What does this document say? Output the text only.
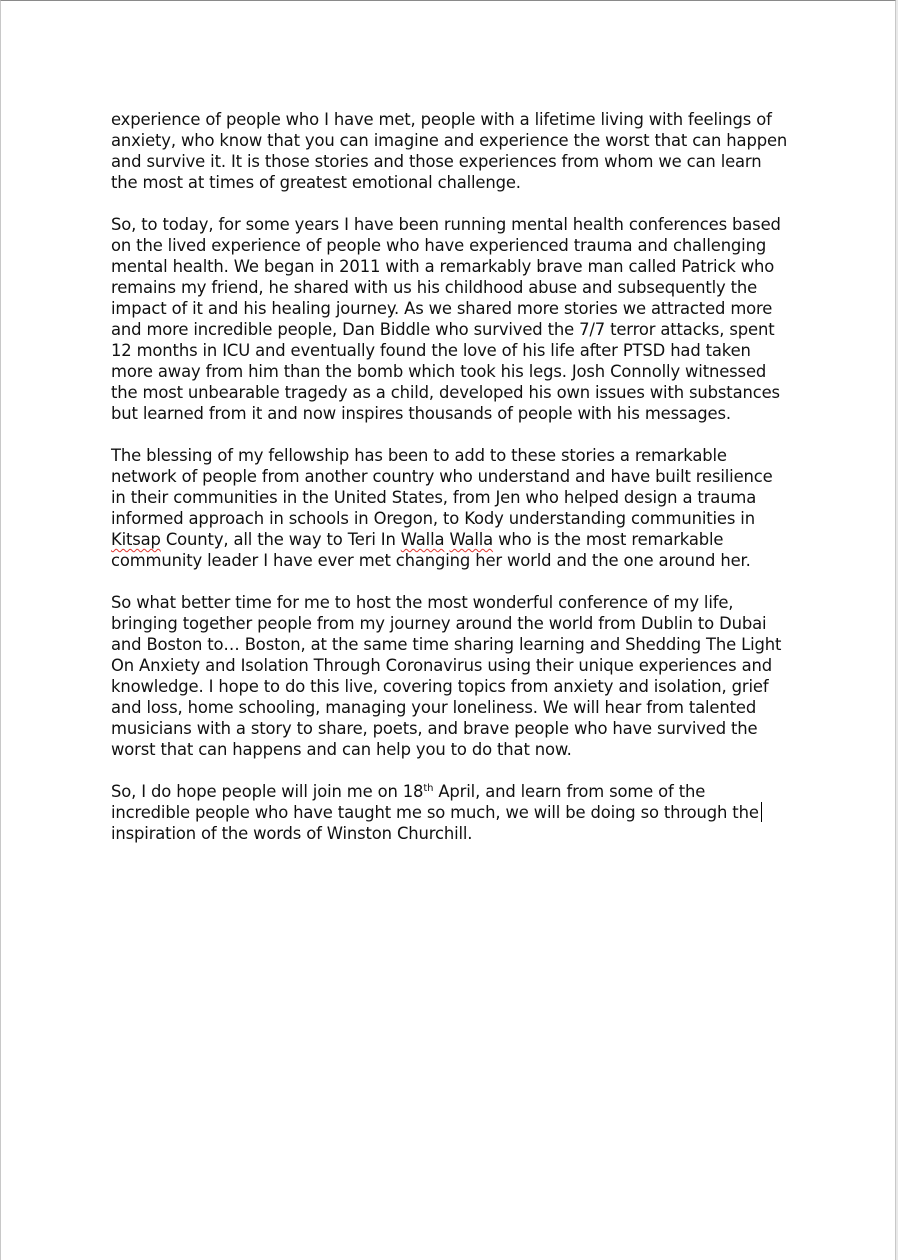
experience of people who I have met, people with a lifetime living with feelings of
anxiety, who know that you can imagine and experience the worst that can happen
and survive it. It is those stories and those experiences from whom we can learn
the most at times of greatest emotional challenge.

So, to today, for some years I have been running mental health conferences based
on the lived experience of people who have experienced trauma and challenging
mental health. We began in 2011 with a remarkably brave man called Patrick who
remains my friend, he shared with us his childhood abuse and subsequently the
impact of it and his healing journey. As we shared more stories we attracted more
and more incredible people, Dan Biddle who survived the 7/7 terror attacks, spent
12 months in ICU and eventually found the love of his life after PTSD had taken
more away from him than the bomb which took his legs. Josh Connolly witnessed
the most unbearable tragedy as a child, developed his own issues with substances
but learned from it and now inspires thousands of people with his messages.

The blessing of my fellowship has been to add to these stories a remarkable
network of people from another country who understand and have built resilience
in their communities in the United States, from Jen who helped design a trauma
informed approach in schools in Oregon, to Kody understanding communities in
Kitsap County, all the way to Teri In Walla Walla who is the most remarkable
community leader I have ever met changing her world and the one around her.

So what better time for me to host the most wonderful conference of my life,
bringing together people from my journey around the world from Dublin to Dubai
and Boston to… Boston, at the same time sharing learning and Shedding The Light
On Anxiety and Isolation Through Coronavirus using their unique experiences and
knowledge. I hope to do this live, covering topics from anxiety and isolation, grief
and loss, home schooling, managing your loneliness. We will hear from talented
musicians with a story to share, poets, and brave people who have survived the
worst that can happens and can help you to do that now.

So, I do hope people will join me on 18th April, and learn from some of the
incredible people who have taught me so much, we will be doing so through the
inspiration of the words of Winston Churchill.
